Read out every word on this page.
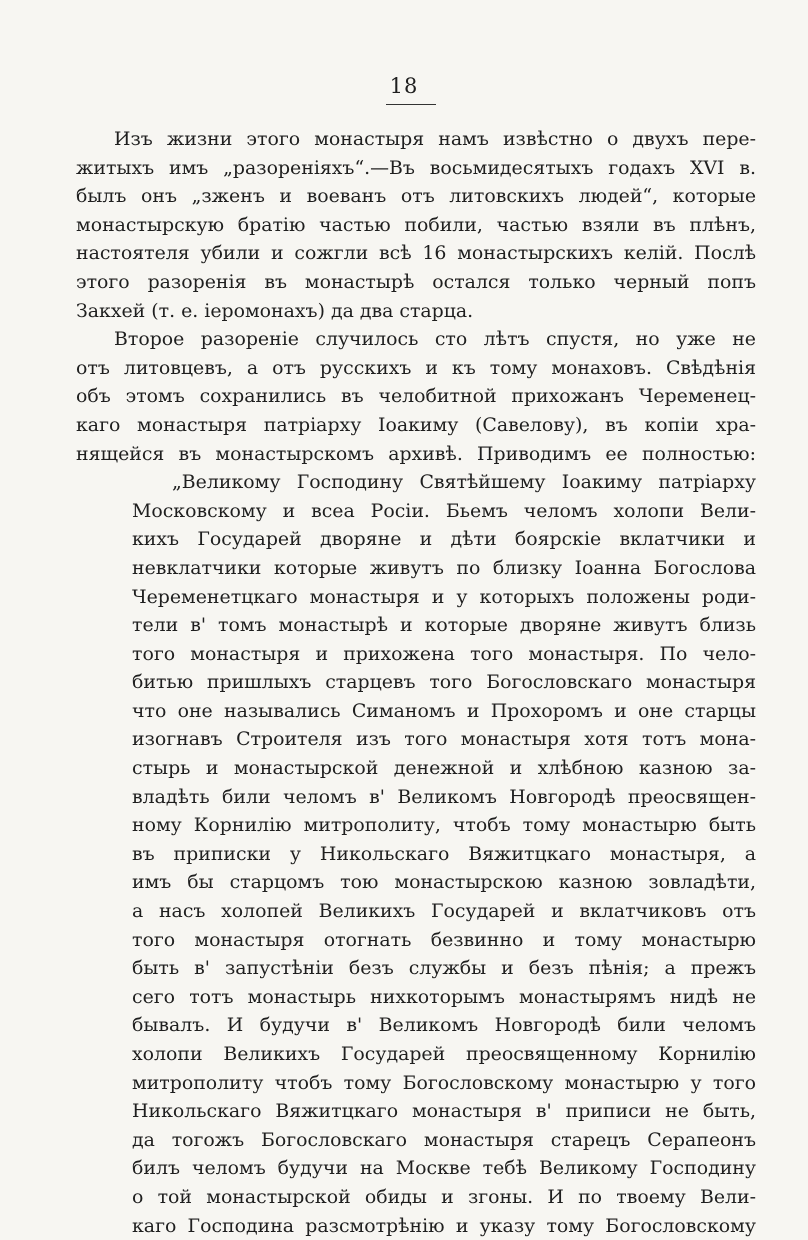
18
Изъ жизни этого монастыря намъ извѣстно о двухъ пере-
житыхъ имъ „разореніяхъ“.—Въ восьмидесятыхъ годахъ XVI в.
былъ онъ „зженъ и воеванъ отъ литовскихъ людей“, которые
монастырскую братію частью побили, частью взяли въ плѣнъ,
настоятеля убили и сожгли всѣ 16 монастырскихъ келій. Послѣ
этого разоренія въ монастырѣ остался только черный попъ
Закхей (т. е. іеромонахъ) да два старца.
Второе разореніе случилось сто лѣтъ спустя, но уже не
отъ литовцевъ, а отъ русскихъ и къ тому монаховъ. Свѣдѣнія
объ этомъ сохранились въ челобитной прихожанъ Черемeнец-
каго монастыря патріарху Іоакиму (Савелову), въ копіи хра-
нящейся въ монастырскомъ архивѣ. Приводимъ ее полностью:
„Великому Господину Святѣйшему Іоакиму патріарху
Московскому и всеа Росіи. Бьемъ челомъ холопи Вели-
кихъ Государей дворяне и дѣти боярскіе вклатчики и
невклатчики которые живутъ по близку Іоанна Богослова
Черeменетцкаго монастыря и у которыхъ положены роди-
тели в' томъ монастырѣ и которые дворяне живутъ близь
того монастыря и прихожена того монастыря. По чело-
битью пришлыхъ старцевъ того Богословскаго монастыря
что оне назывались Симаномъ и Прохоромъ и оне старцы
изогнавъ Строителя изъ того монастыря хотя тотъ мона-
стырь и монастырской денежной и хлѣбною казною за-
владѣть били челомъ в' Великомъ Новгородѣ преосвящен-
ному Корнилію митрополиту, чтобъ тому монастырю быть
въ приписки у Никольскаго Вяжитцкаго монастыря, а
имъ бы старцомъ тою монастырскою казною зовладѣти,
а насъ холопей Великихъ Государей и вклатчиковъ отъ
того монастыря отогнать безвинно и тому монастырю
быть в' запустѣніи безъ службы и безъ пѣнія; а прежъ
сего тотъ монастырь нихкоторымъ монастырямъ нидѣ не
бывалъ. И будучи в' Великомъ Новгородѣ били челомъ
холопи Великихъ Государей преосвященному Корнилію
митрополиту чтобъ тому Богословскому монастырю у того
Никольскаго Вяжитцкаго монастыря в' приписи не быть,
да тогожъ Богословскаго монастыря старецъ Серапеонъ
билъ челомъ будучи на Москве тебѣ Великому Господину
о той монастырской обиды и згоны. И по твоему Вели-
каго Господина разсмотрѣнію и указу тому Богословскому
